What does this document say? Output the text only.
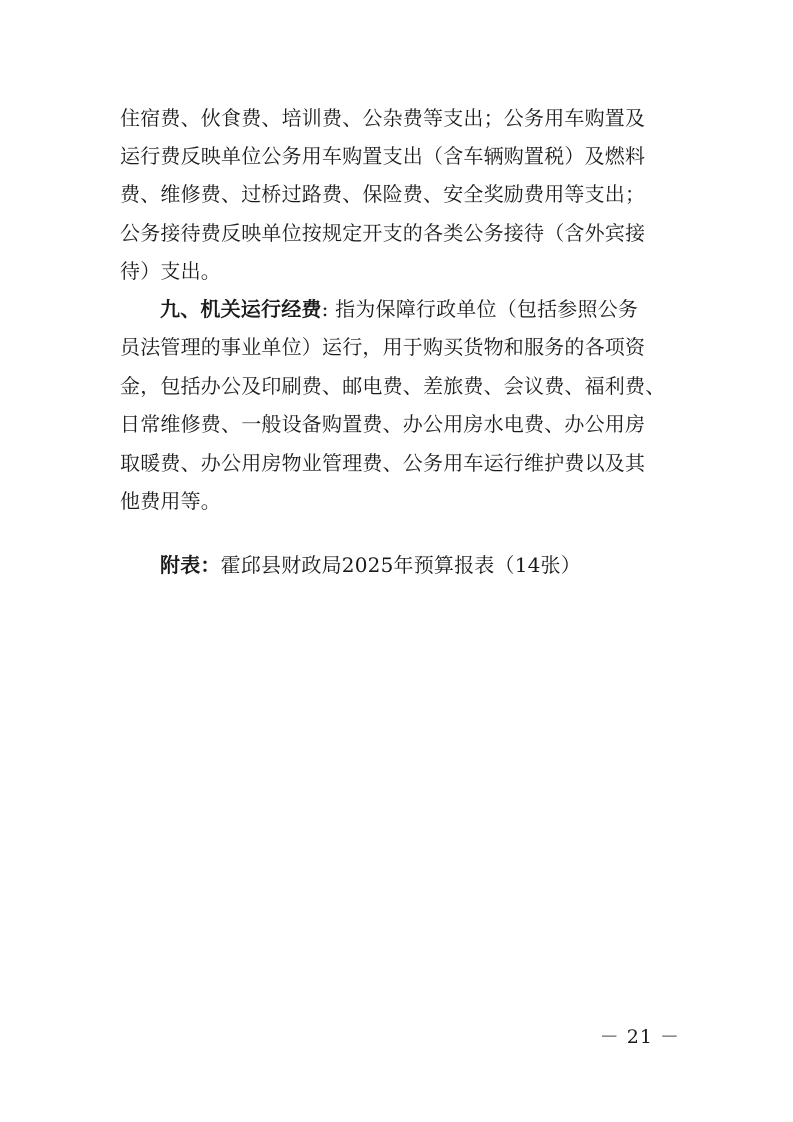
住宿费、伙食费、培训费、公杂费等支出；公务用车购置及
运行费反映单位公务用车购置支出（含车辆购置税）及燃料
费、维修费、过桥过路费、保险费、安全奖励费用等支出；
公务接待费反映单位按规定开支的各类公务接待（含外宾接
待）支出。
九、机关运行经费: 指为保障行政单位（包括参照公务
员法管理的事业单位）运行，用于购买货物和服务的各项资
金，包括办公及印刷费、邮电费、差旅费、会议费、福利费、
日常维修费、一般设备购置费、办公用房水电费、办公用房
取暖费、办公用房物业管理费、公务用车运行维护费以及其
他费用等。
附表：霍邱县财政局2025年预算报表（14张）
－ 21 －
